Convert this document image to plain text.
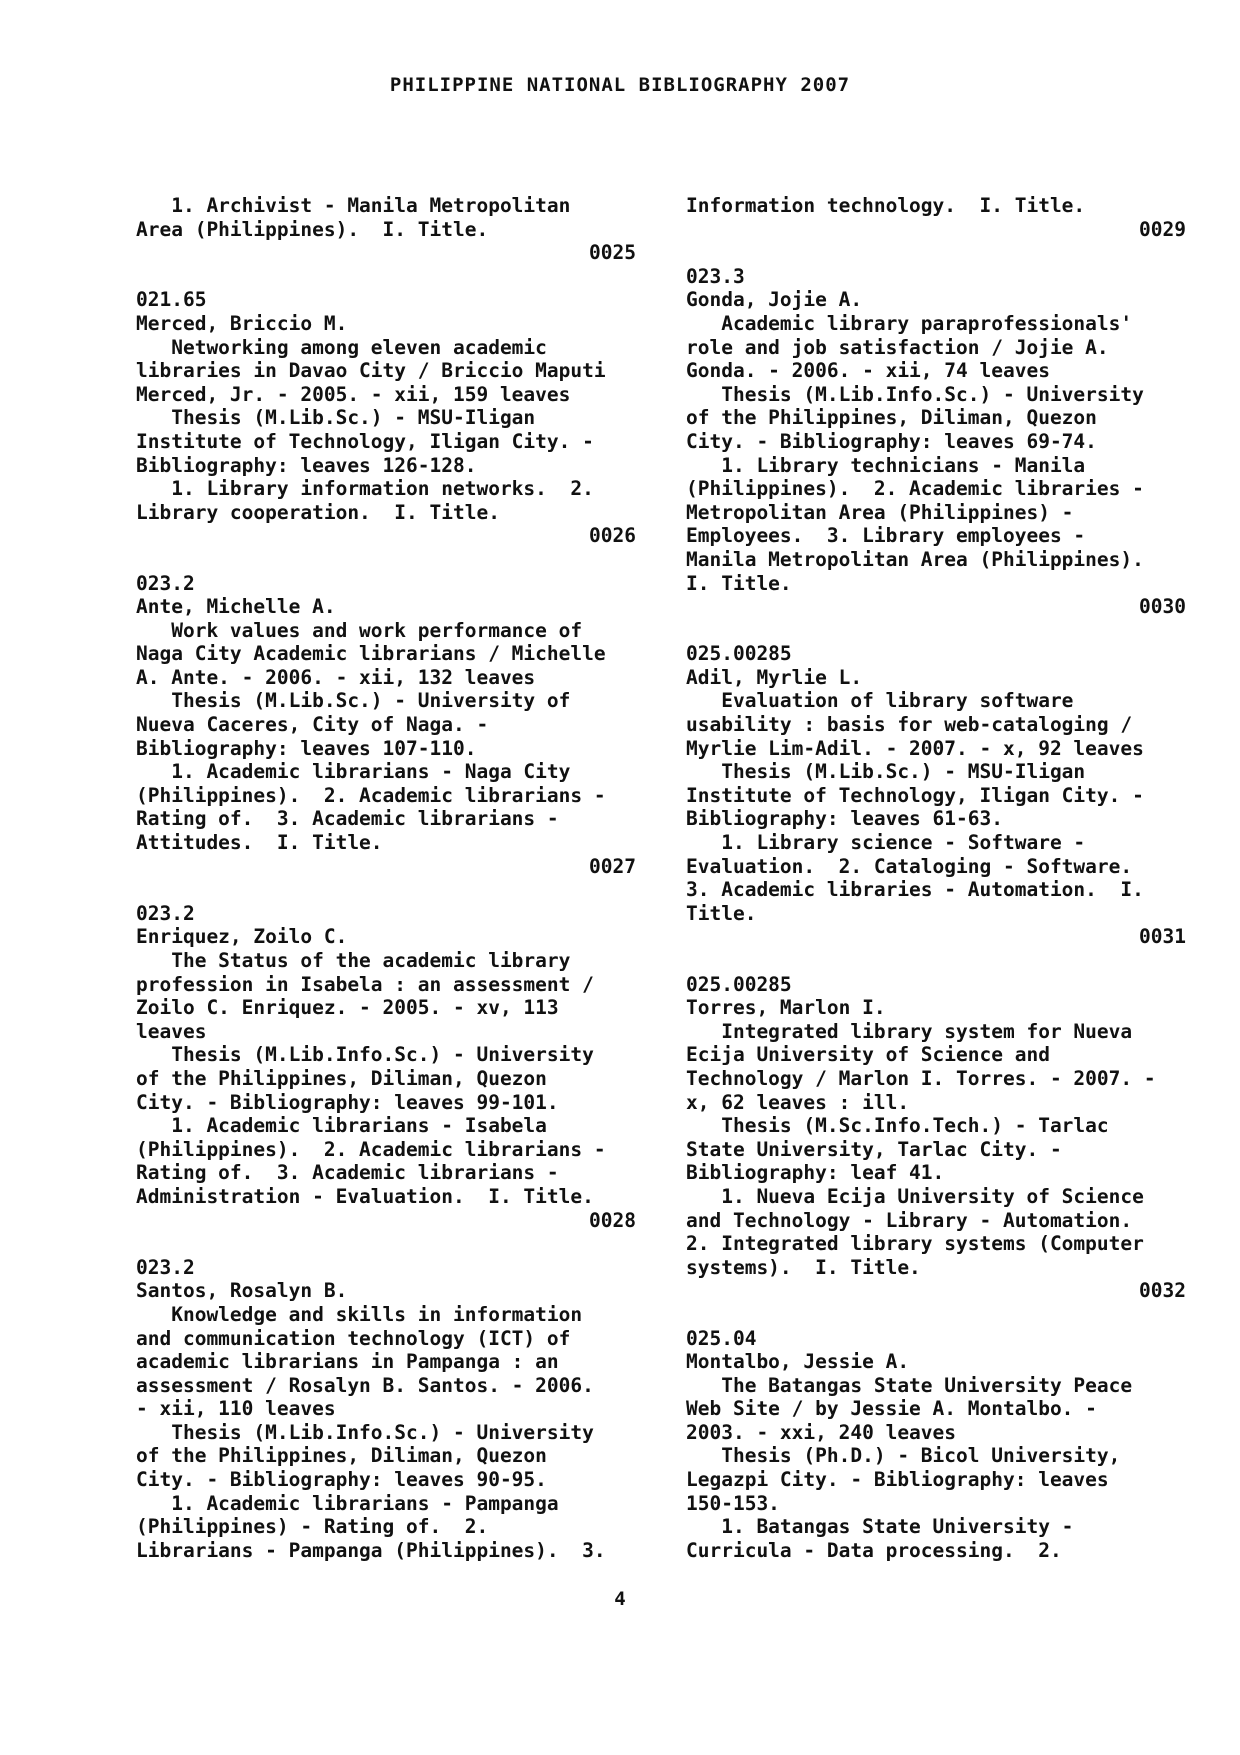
PHILIPPINE NATIONAL BIBLIOGRAPHY 2007
1. Archivist - Manila Metropolitan
Area (Philippines).  I. Title.
0025
021.65
Merced, Briccio M.
Networking among eleven academic
libraries in Davao City / Briccio Maputi
Merced, Jr. - 2005. - xii, 159 leaves
Thesis (M.Lib.Sc.) - MSU-Iligan
Institute of Technology, Iligan City. -
Bibliography: leaves 126-128.
1. Library information networks.  2.
Library cooperation.  I. Title.
0026
023.2
Ante, Michelle A.
Work values and work performance of
Naga City Academic librarians / Michelle
A. Ante. - 2006. - xii, 132 leaves
Thesis (M.Lib.Sc.) - University of
Nueva Caceres, City of Naga. -
Bibliography: leaves 107-110.
1. Academic librarians - Naga City
(Philippines).  2. Academic librarians -
Rating of.  3. Academic librarians -
Attitudes.  I. Title.
0027
023.2
Enriquez, Zoilo C.
The Status of the academic library
profession in Isabela : an assessment /
Zoilo C. Enriquez. - 2005. - xv, 113
leaves
Thesis (M.Lib.Info.Sc.) - University
of the Philippines, Diliman, Quezon
City. - Bibliography: leaves 99-101.
1. Academic librarians - Isabela
(Philippines).  2. Academic librarians -
Rating of.  3. Academic librarians -
Administration - Evaluation.  I. Title.
0028
023.2
Santos, Rosalyn B.
Knowledge and skills in information
and communication technology (ICT) of
academic librarians in Pampanga : an
assessment / Rosalyn B. Santos. - 2006.
- xii, 110 leaves
Thesis (M.Lib.Info.Sc.) - University
of the Philippines, Diliman, Quezon
City. - Bibliography: leaves 90-95.
1. Academic librarians - Pampanga
(Philippines) - Rating of.  2.
Librarians - Pampanga (Philippines).  3.
Information technology.  I. Title.
0029
023.3
Gonda, Jojie A.
Academic library paraprofessionals'
role and job satisfaction / Jojie A.
Gonda. - 2006. - xii, 74 leaves
Thesis (M.Lib.Info.Sc.) - University
of the Philippines, Diliman, Quezon
City. - Bibliography: leaves 69-74.
1. Library technicians - Manila
(Philippines).  2. Academic libraries -
Metropolitan Area (Philippines) -
Employees.  3. Library employees -
Manila Metropolitan Area (Philippines).
I. Title.
0030
025.00285
Adil, Myrlie L.
Evaluation of library software
usability : basis for web-cataloging /
Myrlie Lim-Adil. - 2007. - x, 92 leaves
Thesis (M.Lib.Sc.) - MSU-Iligan
Institute of Technology, Iligan City. -
Bibliography: leaves 61-63.
1. Library science - Software -
Evaluation.  2. Cataloging - Software.
3. Academic libraries - Automation.  I.
Title.
0031
025.00285
Torres, Marlon I.
Integrated library system for Nueva
Ecija University of Science and
Technology / Marlon I. Torres. - 2007. -
x, 62 leaves : ill.
Thesis (M.Sc.Info.Tech.) - Tarlac
State University, Tarlac City. -
Bibliography: leaf 41.
1. Nueva Ecija University of Science
and Technology - Library - Automation.
2. Integrated library systems (Computer
systems).  I. Title.
0032
025.04
Montalbo, Jessie A.
The Batangas State University Peace
Web Site / by Jessie A. Montalbo. -
2003. - xxi, 240 leaves
Thesis (Ph.D.) - Bicol University,
Legazpi City. - Bibliography: leaves
150-153.
1. Batangas State University -
Curricula - Data processing.  2.
4
